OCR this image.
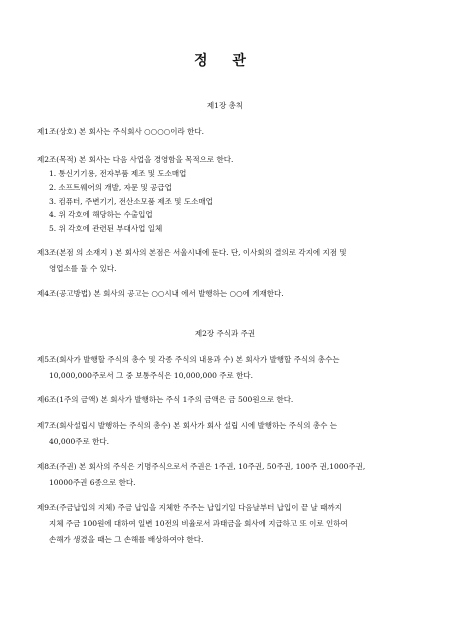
정 관
제1장 총칙
제1조(상호) 본 회사는 주식회사 ○○○○이라 한다.
제2조(목적) 본 회사는 다음 사업을 경영함을 목적으로 한다.
1. 통신기기용, 전자부품 제조 및 도소매업
2. 소프트웨어의 개발, 자문 및 공급업
3. 컴퓨터, 주변기기, 전산소모품 제조 및 도소매업
4. 위 각호에 해당하는 수출입업
5. 위 각호에 관련된 부대사업 일체
제3조(본점 의 소재지 ) 본 회사의 본점은 서울시내에 둔다. 단, 이사회의 결의로 각지에 지점 및
영업소를 둘 수 있다.
제4조(공고방법) 본 회사의 공고는 ○○시내 에서 발행하는 ○○에 게재한다.
제2장 주식과 주권
제5조(회사가 발행할 주식의 총수 및 각종 주식의 내용과 수) 본 회사가 발행할 주식의 총수는
10,000,000주로서 그 중 보통주식은 10,000,000 주로 한다.
제6조(1주의 금액) 본 회사가 발행하는 주식 1주의 금액은 금 500원으로 한다.
제7조(회사설립시 발행하는 주식의 총수) 본 회사가 회사 설립 시에 발행하는 주식의 총수 는
40,000주로 한다.
제8조(주권) 본 회사의 주식은 기명주식으로서 주권은 1주권, 10주권, 50주권, 100주 권,1000주권,
10000주권 6종으로 한다.
제9조(주금납입의 지체) 주금 납입을 지체한 주주는 납입기일 다음날부터 납입이 끝 날 때까지
지체 주금 100원에 대하여 일변 10전의 비율로서 과태금을 회사에 지급하고 또 이로 인하여
손해가 생겼을 때는 그 손해를 배상하여야 한다.
